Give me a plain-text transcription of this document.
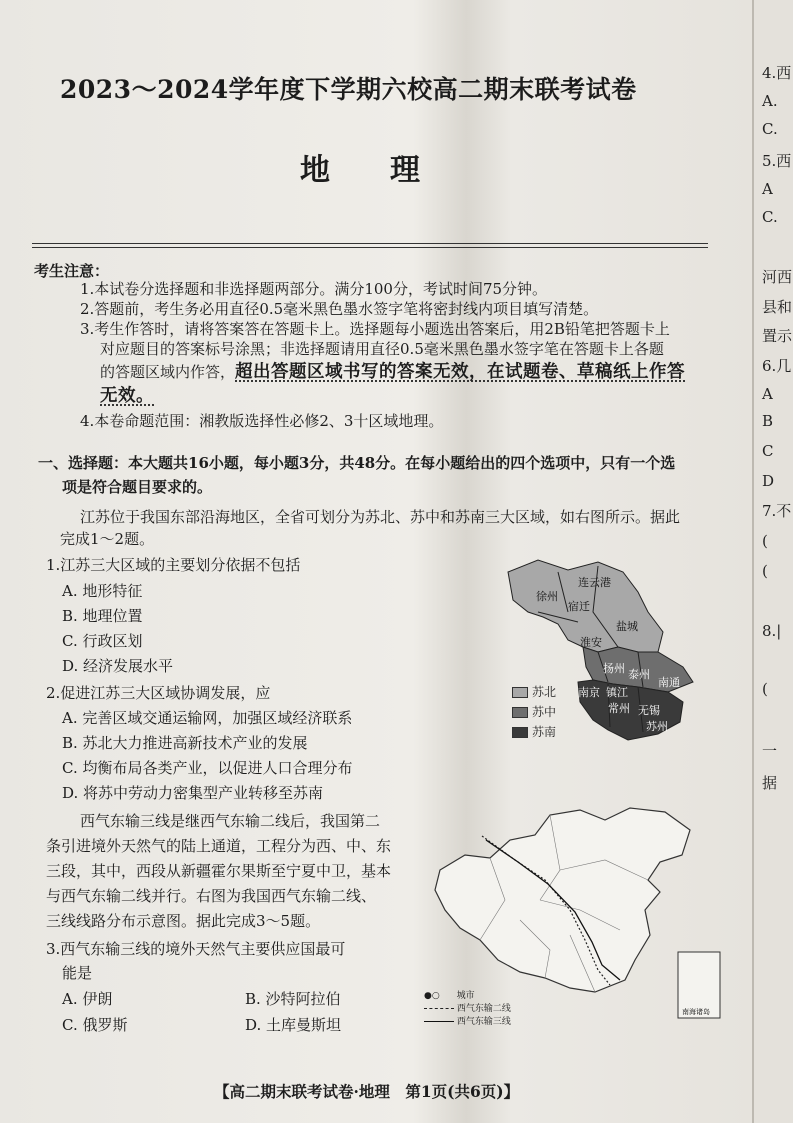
2023～2024学年度下学期六校高二期末联考试卷
地理
考生注意：
1.本试卷分选择题和非选择题两部分。满分100分，考试时间75分钟。
2.答题前，考生务必用直径0.5毫米黑色墨水签字笔将密封线内项目填写清楚。
3.考生作答时，请将答案答在答题卡上。选择题每小题选出答案后，用2B铅笔把答题卡上
对应题目的答案标号涂黑；非选择题请用直径0.5毫米黑色墨水签字笔在答题卡上各题
的答题区域内作答，超出答题区域书写的答案无效，在试题卷、草稿纸上作答
无效。
4.本卷命题范围：湘教版选择性必修2、3十区域地理。
一、选择题：本大题共16小题，每小题3分，共48分。在每小题给出的四个选项中，只有一个选
项是符合题目要求的。
江苏位于我国东部沿海地区，全省可划分为苏北、苏中和苏南三大区域，如右图所示。据此
完成1～2题。
1.江苏三大区域的主要划分依据不包括
A. 地形特征
B. 地理位置
C. 行政区划
D. 经济发展水平
2.促进江苏三大区域协调发展，应
A. 完善区域交通运输网，加强区域经济联系
B. 苏北大力推进高新技术产业的发展
C. 均衡布局各类产业，以促进人口合理分布
D. 将苏中劳动力密集型产业转移至苏南
西气东输三线是继西气东输二线后，我国第二
条引进境外天然气的陆上通道，工程分为西、中、东
三段，其中，西段从新疆霍尔果斯至宁夏中卫，基本
与西气东输二线并行。右图为我国西气东输二线、
三线线路分布示意图。据此完成3～5题。
3.西气东输三线的境外天然气主要供应国最可
能是
A. 伊朗	B. 沙特阿拉伯
C. 俄罗斯	D. 土库曼斯坦
连云港
徐州
宿迁
盐城
淮安
扬州 泰州
南通
南京 镇江
常州 无锡
苏州
苏北
苏中
苏南
南海诸岛
●○ 城市
西气东输二线
西气东输三线
【高二期末联考试卷·地理　第1页(共6页)】
4.西
A.
C.
5.西
A
C.
河西
县和
置示
6.几
A
B
C
D
7.不
(
(
8.|
(
一
据
